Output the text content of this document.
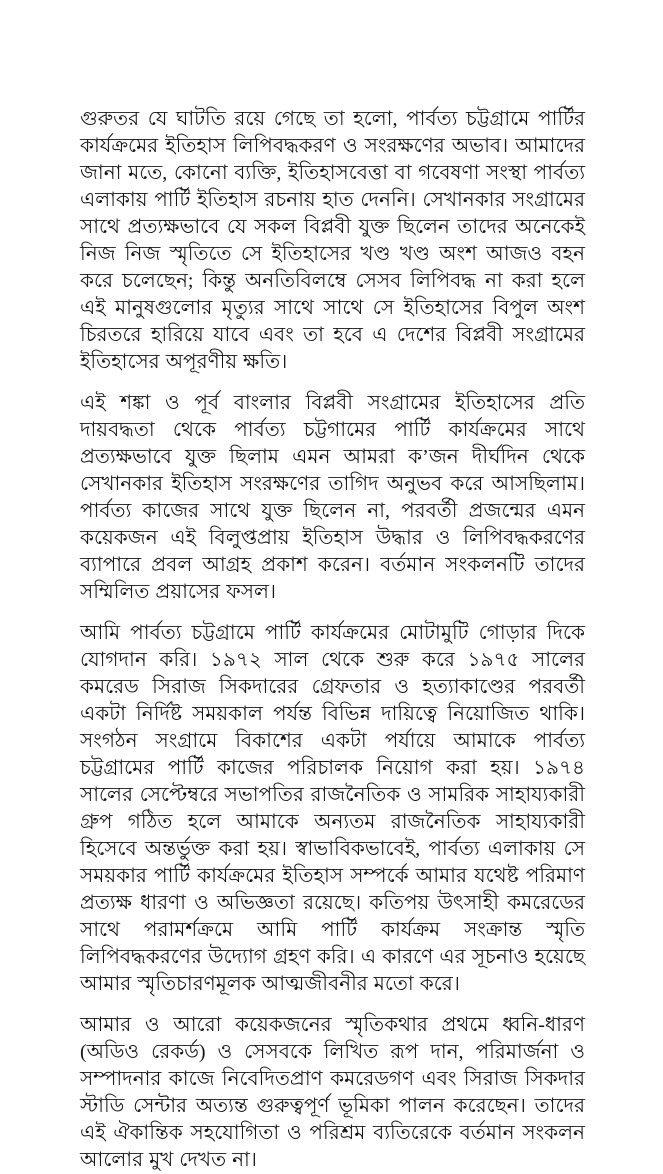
গুরুতর যে ঘাটতি রয়ে গেছে তা হলো, পার্বত্য চট্টগ্রামে পার্টির কার্যক্রমের ইতিহাস লিপিবদ্ধকরণ ও সংরক্ষণের অভাব। আমাদের জানা মতে, কোনো ব্যক্তি, ইতিহাসবেত্তা বা গবেষণা সংস্থা পার্বত্য এলাকায় পার্টি ইতিহাস রচনায় হাত দেননি। সেখানকার সংগ্রামের সাথে প্রত্যক্ষভাবে যে সকল বিপ্লবী যুক্ত ছিলেন তাদের অনেকেই নিজ নিজ স্মৃতিতে সে ইতিহাসের খণ্ড খণ্ড অংশ আজও বহন করে চলেছেন; কিন্তু অনতিবিলম্বে সেসব লিপিবদ্ধ না করা হলে এই মানুষগুলোর মৃত্যুর সাথে সাথে সে ইতিহাসের বিপুল অংশ চিরতরে হারিয়ে যাবে এবং তা হবে এ দেশের বিপ্লবী সংগ্রামের ইতিহাসের অপূরণীয় ক্ষতি।

এই শঙ্কা ও পূর্ব বাংলার বিপ্লবী সংগ্রামের ইতিহাসের প্রতি দায়বদ্ধতা থেকে পার্বত্য চট্টগামের পার্টি কার্যক্রমের সাথে প্রত্যক্ষভাবে যুক্ত ছিলাম এমন আমরা ক’জন দীর্ঘদিন থেকে সেখানকার ইতিহাস সংরক্ষণের তাগিদ অনুভব করে আসছিলাম। পার্বত্য কাজের সাথে যুক্ত ছিলেন না, পরবর্তী প্রজন্মের এমন কয়েকজন এই বিলুপ্তপ্রায় ইতিহাস উদ্ধার ও লিপিবদ্ধকরণের ব্যাপারে প্রবল আগ্রহ প্রকাশ করেন। বর্তমান সংকলনটি তাদের সম্মিলিত প্রয়াসের ফসল।

আমি পার্বত্য চট্টগ্রামে পার্টি কার্যক্রমের মোটামুটি গোড়ার দিকে যোগদান করি। ১৯৭২ সাল থেকে শুরু করে ১৯৭৫ সালের কমরেড সিরাজ সিকদারের গ্রেফতার ও হত্যাকাণ্ডের পরবর্তী একটা নির্দিষ্ট সময়কাল পর্যন্ত বিভিন্ন দায়িত্বে নিয়োজিত থাকি। সংগঠন সংগ্রামে বিকাশের একটা পর্যায়ে আমাকে পার্বত্য চট্টগ্রামের পার্টি কাজের পরিচালক নিয়োগ করা হয়। ১৯৭৪ সালের সেপ্টেম্বরে সভাপতির রাজনৈতিক ও সামরিক সাহায্যকারী গ্রুপ গঠিত হলে আমাকে অন্যতম রাজনৈতিক সাহায্যকারী হিসেবে অন্তর্ভুক্ত করা হয়। স্বাভাবিকভাবেই, পার্বত্য এলাকায় সে সময়কার পার্টি কার্যক্রমের ইতিহাস সম্পর্কে আমার যথেষ্ট পরিমাণ প্রত্যক্ষ ধারণা ও অভিজ্ঞতা রয়েছে। কতিপয় উৎসাহী কমরেডের সাথে পরামর্শক্রমে আমি পার্টি কার্যক্রম সংক্রান্ত স্মৃতি লিপিবদ্ধকরণের উদ্যোগ গ্রহণ করি। এ কারণে এর সূচনাও হয়েছে আমার স্মৃতিচারণমূলক আত্মজীবনীর মতো করে।

আমার ও আরো কয়েকজনের স্মৃতিকথার প্রথমে ধ্বনি-ধারণ (অডিও রেকর্ড) ও সেসবকে লিখিত রূপ দান, পরিমার্জনা ও সম্পাদনার কাজে নিবেদিতপ্রাণ কমরেডগণ এবং সিরাজ সিকদার স্টাডি সেন্টার অত্যন্ত গুরুত্বপূর্ণ ভূমিকা পালন করেছেন। তাদের এই ঐকান্তিক সহযোগিতা ও পরিশ্রম ব্যতিরেকে বর্তমান সংকলন আলোর মুখ দেখত না।
